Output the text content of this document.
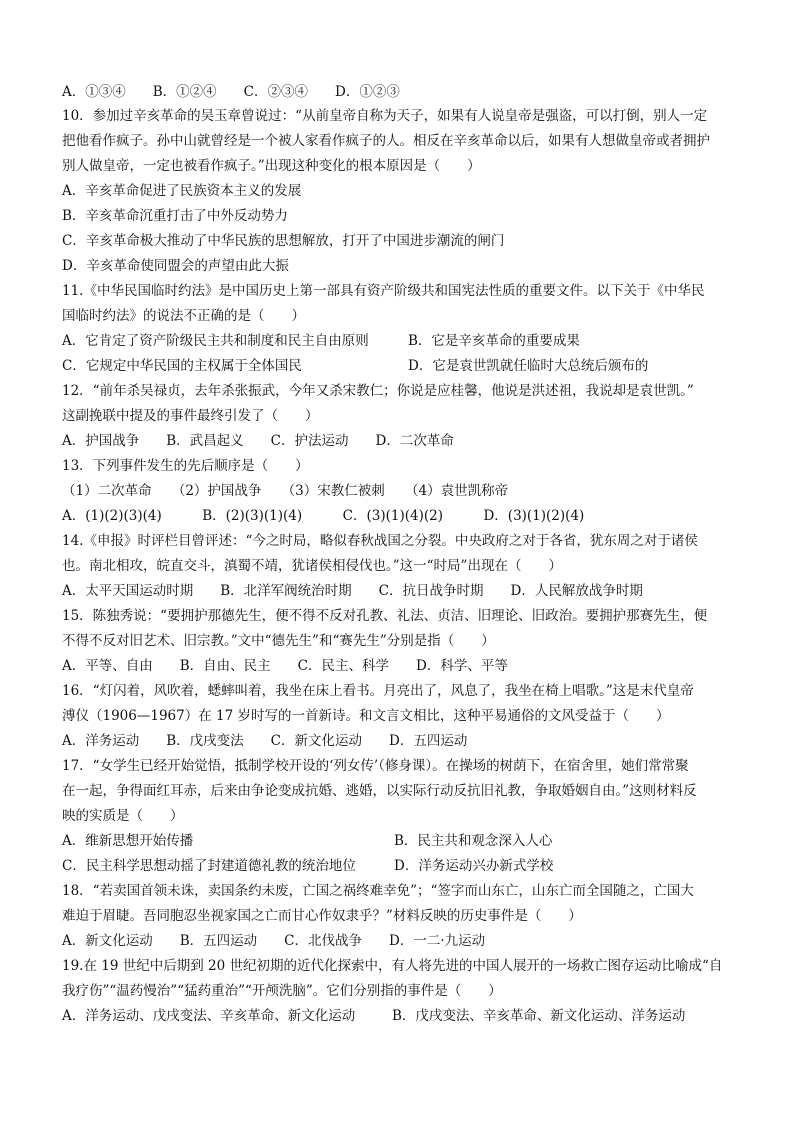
A．①③④　　B．①②④　　C．②③④　　D．①②③
10．参加过辛亥革命的吴玉章曾说过：“从前皇帝自称为天子，如果有人说皇帝是强盗，可以打倒，别人一定
把他看作疯子。孙中山就曾经是一个被人家看作疯子的人。相反在辛亥革命以后，如果有人想做皇帝或者拥护
别人做皇帝，一定也被看作疯子。”出现这种变化的根本原因是（　　）
A．辛亥革命促进了民族资本主义的发展
B．辛亥革命沉重打击了中外反动势力
C．辛亥革命极大推动了中华民族的思想解放，打开了中国进步潮流的闸门
D．辛亥革命使同盟会的声望由此大振
11.《中华民国临时约法》是中国历史上第一部具有资产阶级共和国宪法性质的重要文件。以下关于《中华民
国临时约法》的说法不正确的是（　　）
A．它肯定了资产阶级民主共和制度和民主自由原则	B．它是辛亥革命的重要成果
C．它规定中华民国的主权属于全体国民	D．它是袁世凯就任临时大总统后颁布的
12．“前年杀吴禄贞，去年杀张振武，今年又杀宋教仁；你说是应桂馨，他说是洪述祖，我说却是袁世凯。”
这副挽联中提及的事件最终引发了（　　）
A．护国战争　　B．武昌起义　　C．护法运动　　D．二次革命
13．下列事件发生的先后顺序是（　　）
（1）二次革命　　（2）护国战争　　（3）宋教仁被刺　　（4）袁世凯称帝
A．(1)(2)(3)(4)　　　B．(2)(3)(1)(4)　　　C．(3)(1)(4)(2)　　　D．(3)(1)(2)(4)
14.《申报》时评栏目曾评述：“今之时局，略似春秋战国之分裂。中央政府之对于各省，犹东周之对于诸侯
也。南北相攻，皖直交斗，滇蜀不靖，犹诸侯相侵伐也。”这一“时局”出现在（　　）
A．太平天国运动时期　　B．北洋军阀统治时期　　C．抗日战争时期　　D．人民解放战争时期
15．陈独秀说：“要拥护那德先生，便不得不反对孔教、礼法、贞洁、旧理论、旧政治。要拥护那赛先生，便
不得不反对旧艺术、旧宗教。”文中“德先生”和“赛先生”分别是指（　　）
A．平等、自由　　B．自由、民主　　C．民主、科学　　D．科学、平等
16．“灯闪着，风吹着，蟋蟀叫着，我坐在床上看书。月亮出了，风息了，我坐在椅上唱歌。”这是末代皇帝
溥仪（1906—1967）在 17 岁时写的一首新诗。和文言文相比，这种平易通俗的文风受益于（　　）
A．洋务运动　　B．戊戌变法　　C．新文化运动　　D．五四运动
17．“女学生已经开始觉悟，抵制学校开设的‘列女传’（修身课）。在操场的树荫下，在宿舍里，她们常常聚
在一起，争得面红耳赤，后来由争论变成抗婚、逃婚，以实际行动反抗旧礼教，争取婚姻自由。”这则材料反
映的实质是（　　）
A．维新思想开始传播	B．民主共和观念深入人心
C．民主科学思想动摇了封建道德礼教的统治地位	D．洋务运动兴办新式学校
18．“若卖国首领未诛，卖国条约未废，亡国之祸终难幸免”；“签字而山东亡，山东亡而全国随之，亡国大
难迫于眉睫。吾同胞忍坐视家国之亡而甘心作奴隶乎？”材料反映的历史事件是（　　）
A．新文化运动　　B．五四运动　　C．北伐战争　　D．一二·九运动
19.在 19 世纪中后期到 20 世纪初期的近代化探索中，有人将先进的中国人展开的一场救亡图存运动比喻成“自
我疗伤”“温药慢治”“猛药重治”“开颅洗脑”。它们分别指的事件是（　　）
A．洋务运动、戊戌变法、辛亥革命、新文化运动	B．戊戌变法、辛亥革命、新文化运动、洋务运动
